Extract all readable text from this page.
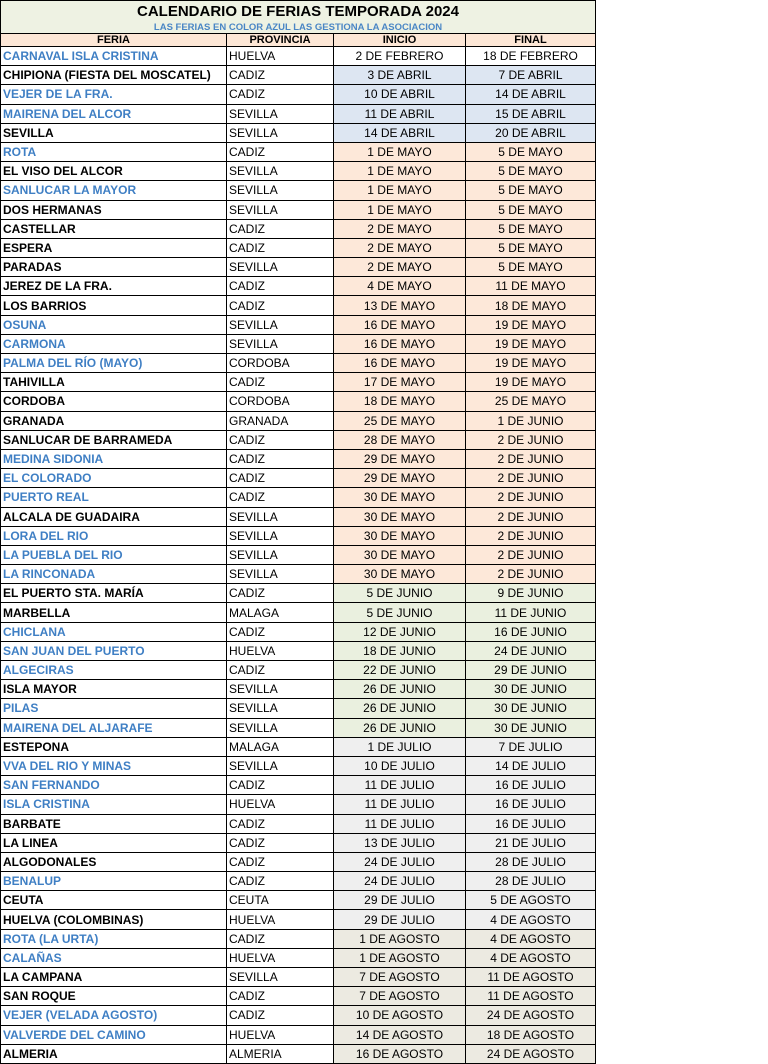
CALENDARIO DE FERIAS TEMPORADA 2024			
LAS FERIAS EN COLOR AZUL LAS GESTIONA LA ASOCIACION			
FERIA	PROVINCIA	INICIO	FINAL
CARNAVAL ISLA CRISTINA	HUELVA	2 DE FEBRERO	18 DE FEBRERO
CHIPIONA (FIESTA DEL MOSCATEL)	CADIZ	3 DE ABRIL	7 DE ABRIL
VEJER DE LA FRA.	CADIZ	10 DE ABRIL	14 DE ABRIL
MAIRENA DEL ALCOR	SEVILLA	11 DE ABRIL	15 DE ABRIL
SEVILLA	SEVILLA	14 DE ABRIL	20 DE ABRIL
ROTA	CADIZ	1 DE MAYO	5 DE MAYO
EL VISO DEL ALCOR	SEVILLA	1 DE MAYO	5 DE MAYO
SANLUCAR LA MAYOR	SEVILLA	1 DE MAYO	5 DE MAYO
DOS HERMANAS	SEVILLA	1 DE MAYO	5 DE MAYO
CASTELLAR	CADIZ	2 DE MAYO	5 DE MAYO
ESPERA	CADIZ	2 DE MAYO	5 DE MAYO
PARADAS	SEVILLA	2 DE MAYO	5 DE MAYO
JEREZ DE LA FRA.	CADIZ	4 DE MAYO	11 DE MAYO
LOS BARRIOS	CADIZ	13 DE MAYO	18 DE MAYO
OSUNA	SEVILLA	16 DE MAYO	19 DE MAYO
CARMONA	SEVILLA	16 DE MAYO	19 DE MAYO
PALMA DEL RÍO (MAYO)	CORDOBA	16 DE MAYO	19 DE MAYO
TAHIVILLA	CADIZ	17 DE MAYO	19 DE MAYO
CORDOBA	CORDOBA	18 DE MAYO	25 DE MAYO
GRANADA	GRANADA	25 DE MAYO	1 DE JUNIO
SANLUCAR DE BARRAMEDA	CADIZ	28 DE MAYO	2 DE JUNIO
MEDINA SIDONIA	CADIZ	29 DE MAYO	2 DE JUNIO
EL COLORADO	CADIZ	29 DE MAYO	2 DE JUNIO
PUERTO REAL	CADIZ	30 DE MAYO	2 DE JUNIO
ALCALA DE GUADAIRA	SEVILLA	30 DE MAYO	2 DE JUNIO
LORA DEL RIO	SEVILLA	30 DE MAYO	2 DE JUNIO
LA PUEBLA DEL RIO	SEVILLA	30 DE MAYO	2 DE JUNIO
LA RINCONADA	SEVILLA	30 DE MAYO	2 DE JUNIO
EL PUERTO STA. MARÍA	CADIZ	5 DE JUNIO	9 DE JUNIO
MARBELLA	MALAGA	5 DE JUNIO	11 DE JUNIO
CHICLANA	CADIZ	12 DE JUNIO	16 DE JUNIO
SAN JUAN DEL PUERTO	HUELVA	18 DE JUNIO	24 DE JUNIO
ALGECIRAS	CADIZ	22 DE JUNIO	29 DE JUNIO
ISLA MAYOR	SEVILLA	26 DE JUNIO	30 DE JUNIO
PILAS	SEVILLA	26 DE JUNIO	30 DE JUNIO
MAIRENA DEL ALJARAFE	SEVILLA	26 DE JUNIO	30 DE JUNIO
ESTEPONA	MALAGA	1 DE JULIO	7 DE JULIO
VVA DEL RIO Y MINAS	SEVILLA	10 DE JULIO	14 DE JULIO
SAN FERNANDO	CADIZ	11 DE JULIO	16 DE JULIO
ISLA CRISTINA	HUELVA	11 DE JULIO	16 DE JULIO
BARBATE	CADIZ	11 DE JULIO	16 DE JULIO
LA LINEA	CADIZ	13 DE JULIO	21 DE JULIO
ALGODONALES	CADIZ	24 DE JULIO	28 DE JULIO
BENALUP	CADIZ	24 DE JULIO	28 DE JULIO
CEUTA	CEUTA	29 DE JULIO	5 DE AGOSTO
HUELVA (COLOMBINAS)	HUELVA	29 DE JULIO	4 DE AGOSTO
ROTA (LA URTA)	CADIZ	1 DE AGOSTO	4 DE AGOSTO
CALAÑAS	HUELVA	1 DE AGOSTO	4 DE AGOSTO
LA CAMPANA	SEVILLA	7 DE AGOSTO	11 DE AGOSTO
SAN ROQUE	CADIZ	7 DE AGOSTO	11 DE AGOSTO
VEJER (VELADA AGOSTO)	CADIZ	10 DE AGOSTO	24 DE AGOSTO
VALVERDE DEL CAMINO	HUELVA	14 DE AGOSTO	18 DE AGOSTO
ALMERIA	ALMERIA	16 DE AGOSTO	24 DE AGOSTO
